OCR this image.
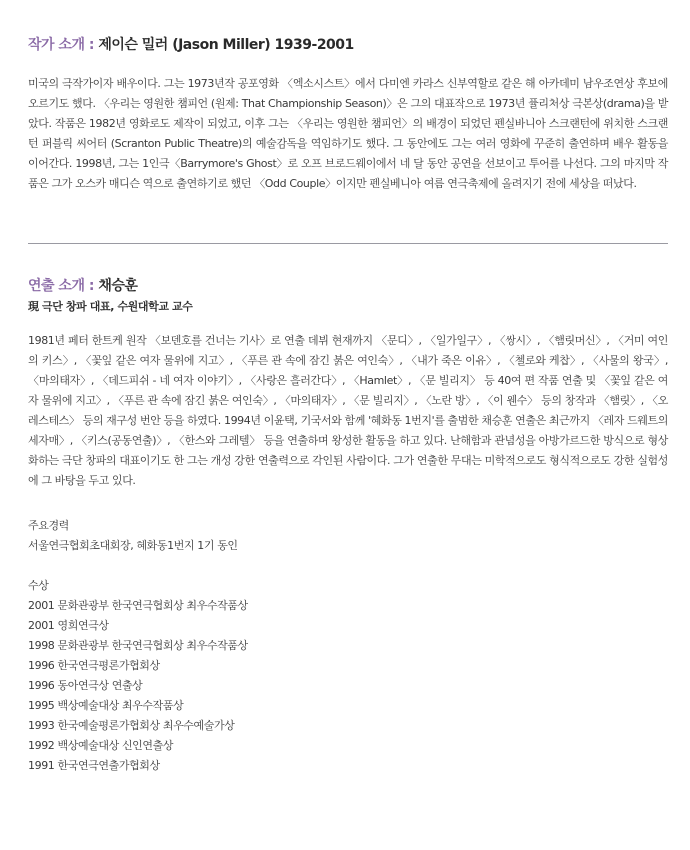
작가 소개 : 제이슨 밀러 (Jason Miller) 1939-2001
미국의 극작가이자 배우이다. 그는 1973년작 공포영화 〈엑소시스트〉에서 다미엔 카라스 신부역할로 같은 해 아카데미 남우조연상 후보에 오르기도 했다. 〈우리는 영원한 챔피언 (원제: That Championship Season)〉은 그의 대표작으로 1973년 퓰리처상 극본상(drama)을 받았다. 작품은 1982년 영화로도 제작이 되었고, 이후 그는 〈우리는 영원한 챔피언〉의 배경이 되었던 펜실바니아 스크랜턴에 위치한 스크랜턴 퍼블릭 씨어터 (Scranton Public Theatre)의 예술감독을 역임하기도 했다. 그 동안에도 그는 여러 영화에 꾸준히 출연하며 배우 활동을 이어간다. 1998년, 그는 1인극〈Barrymore's Ghost〉로 오프 브로드웨이에서 네 달 동안 공연을 선보이고 투어를 나선다. 그의 마지막 작품은 그가 오스카 매디슨 역으로 출연하기로 했던 〈Odd Couple〉이지만 펜실베니아 여름 연극축제에 올려지기 전에 세상을 떠났다.
연출 소개 : 채승훈
現 극단 창파 대표, 수원대학교 교수
1981년 페터 한트케 원작 〈보덴호를 건너는 기사〉로 연출 데뷔 현재까지 〈문디〉, 〈일가일구〉, 〈쌍시〉, 〈햄릿머신〉, 〈거미 여인의 키스〉, 〈꽃잎 같은 여자 물위에 지고〉, 〈푸른 관 속에 잠긴 붉은 여인숙〉, 〈내가 죽은 이유〉, 〈첼로와 케찹〉, 〈사물의 왕국〉, 〈마의태자〉, 〈데드피쉬 - 네 여자 이야기〉, 〈사랑은 흘러간다〉, 〈Hamlet〉, 〈문 빌리지〉 등 40여 편 작품 연출 및 〈꽃잎 같은 여자 물위에 지고〉, 〈푸른 관 속에 잠긴 붉은 여인숙〉, 〈마의태자〉, 〈문 빌리지〉, 〈노란 방〉, 〈이 웬수〉 등의 창작과 〈햄릿〉, 〈오레스테스〉 등의 재구성 번안 등을 하였다. 1994년 이윤택, 기국서와 함께 '혜화동 1번지'를 출범한 채승훈 연출은 최근까지 〈레자 드웨트의 세자매〉, 〈키스(공동연출)〉, 〈한스와 그레텔〉 등을 연출하며 왕성한 활동을 하고 있다. 난해함과 관념성을 아방가르드한 방식으로 형상화하는 극단 창파의 대표이기도 한 그는 개성 강한 연출력으로 각인된 사람이다. 그가 연출한 무대는 미학적으로도 형식적으로도 강한 실험성에 그 바탕을 두고 있다.
주요경력
서울연극협회초대회장, 혜화동1번지 1기 동인
수상
2001 문화관광부 한국연극협회상 최우수작품상
2001 영희연극상
1998 문화관광부 한국연극협회상 최우수작품상
1996 한국연극평론가협회상
1996 동아연극상 연출상
1995 백상예술대상 최우수작품상
1993 한국예술평론가협회상 최우수예술가상
1992 백상예술대상 신인연출상
1991 한국연극연출가협회상
